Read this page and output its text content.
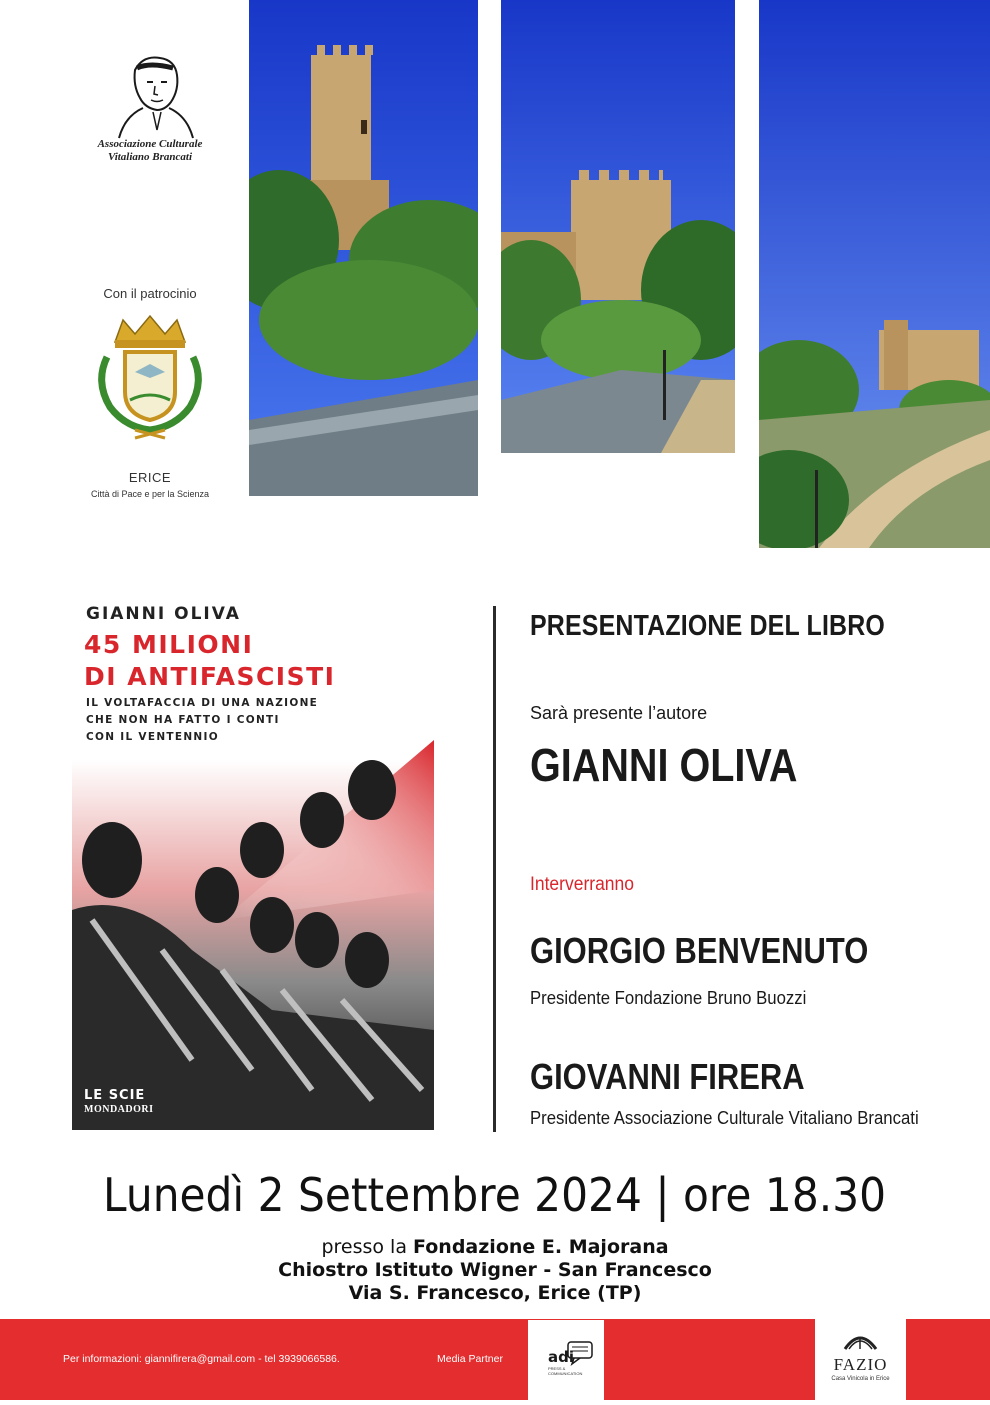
Associazione Culturale
Vitaliano Brancati
Con il patrocinio
ERICE
Città di Pace e per la Scienza
GIANNI OLIVA
45 MILIONI
DI ANTIFASCISTI
IL VOLTAFACCIA DI UNA NAZIONE
CHE NON HA FATTO I CONTI
CON IL VENTENNIO
LE SCIE
MONDADORI
PRESENTAZIONE DEL LIBRO
Sarà presente l’autore
GIANNI OLIVA
Interverranno
GIORGIO BENVENUTO
Presidente Fondazione Bruno Buozzi
GIOVANNI FIRERA
Presidente Associazione Culturale Vitaliano Brancati
Lunedì 2 Settembre 2024 | ore 18.30
presso la Fondazione E. Majorana
Chiostro Istituto Wigner - San Francesco
Via S. Francesco, Erice (TP)
Per informazioni: giannifirera@gmail.com - tel 3939066586.	Media Partner	adi
PRESS & COMMUNICATION	FAZIO
Casa Vinicola in Erice
